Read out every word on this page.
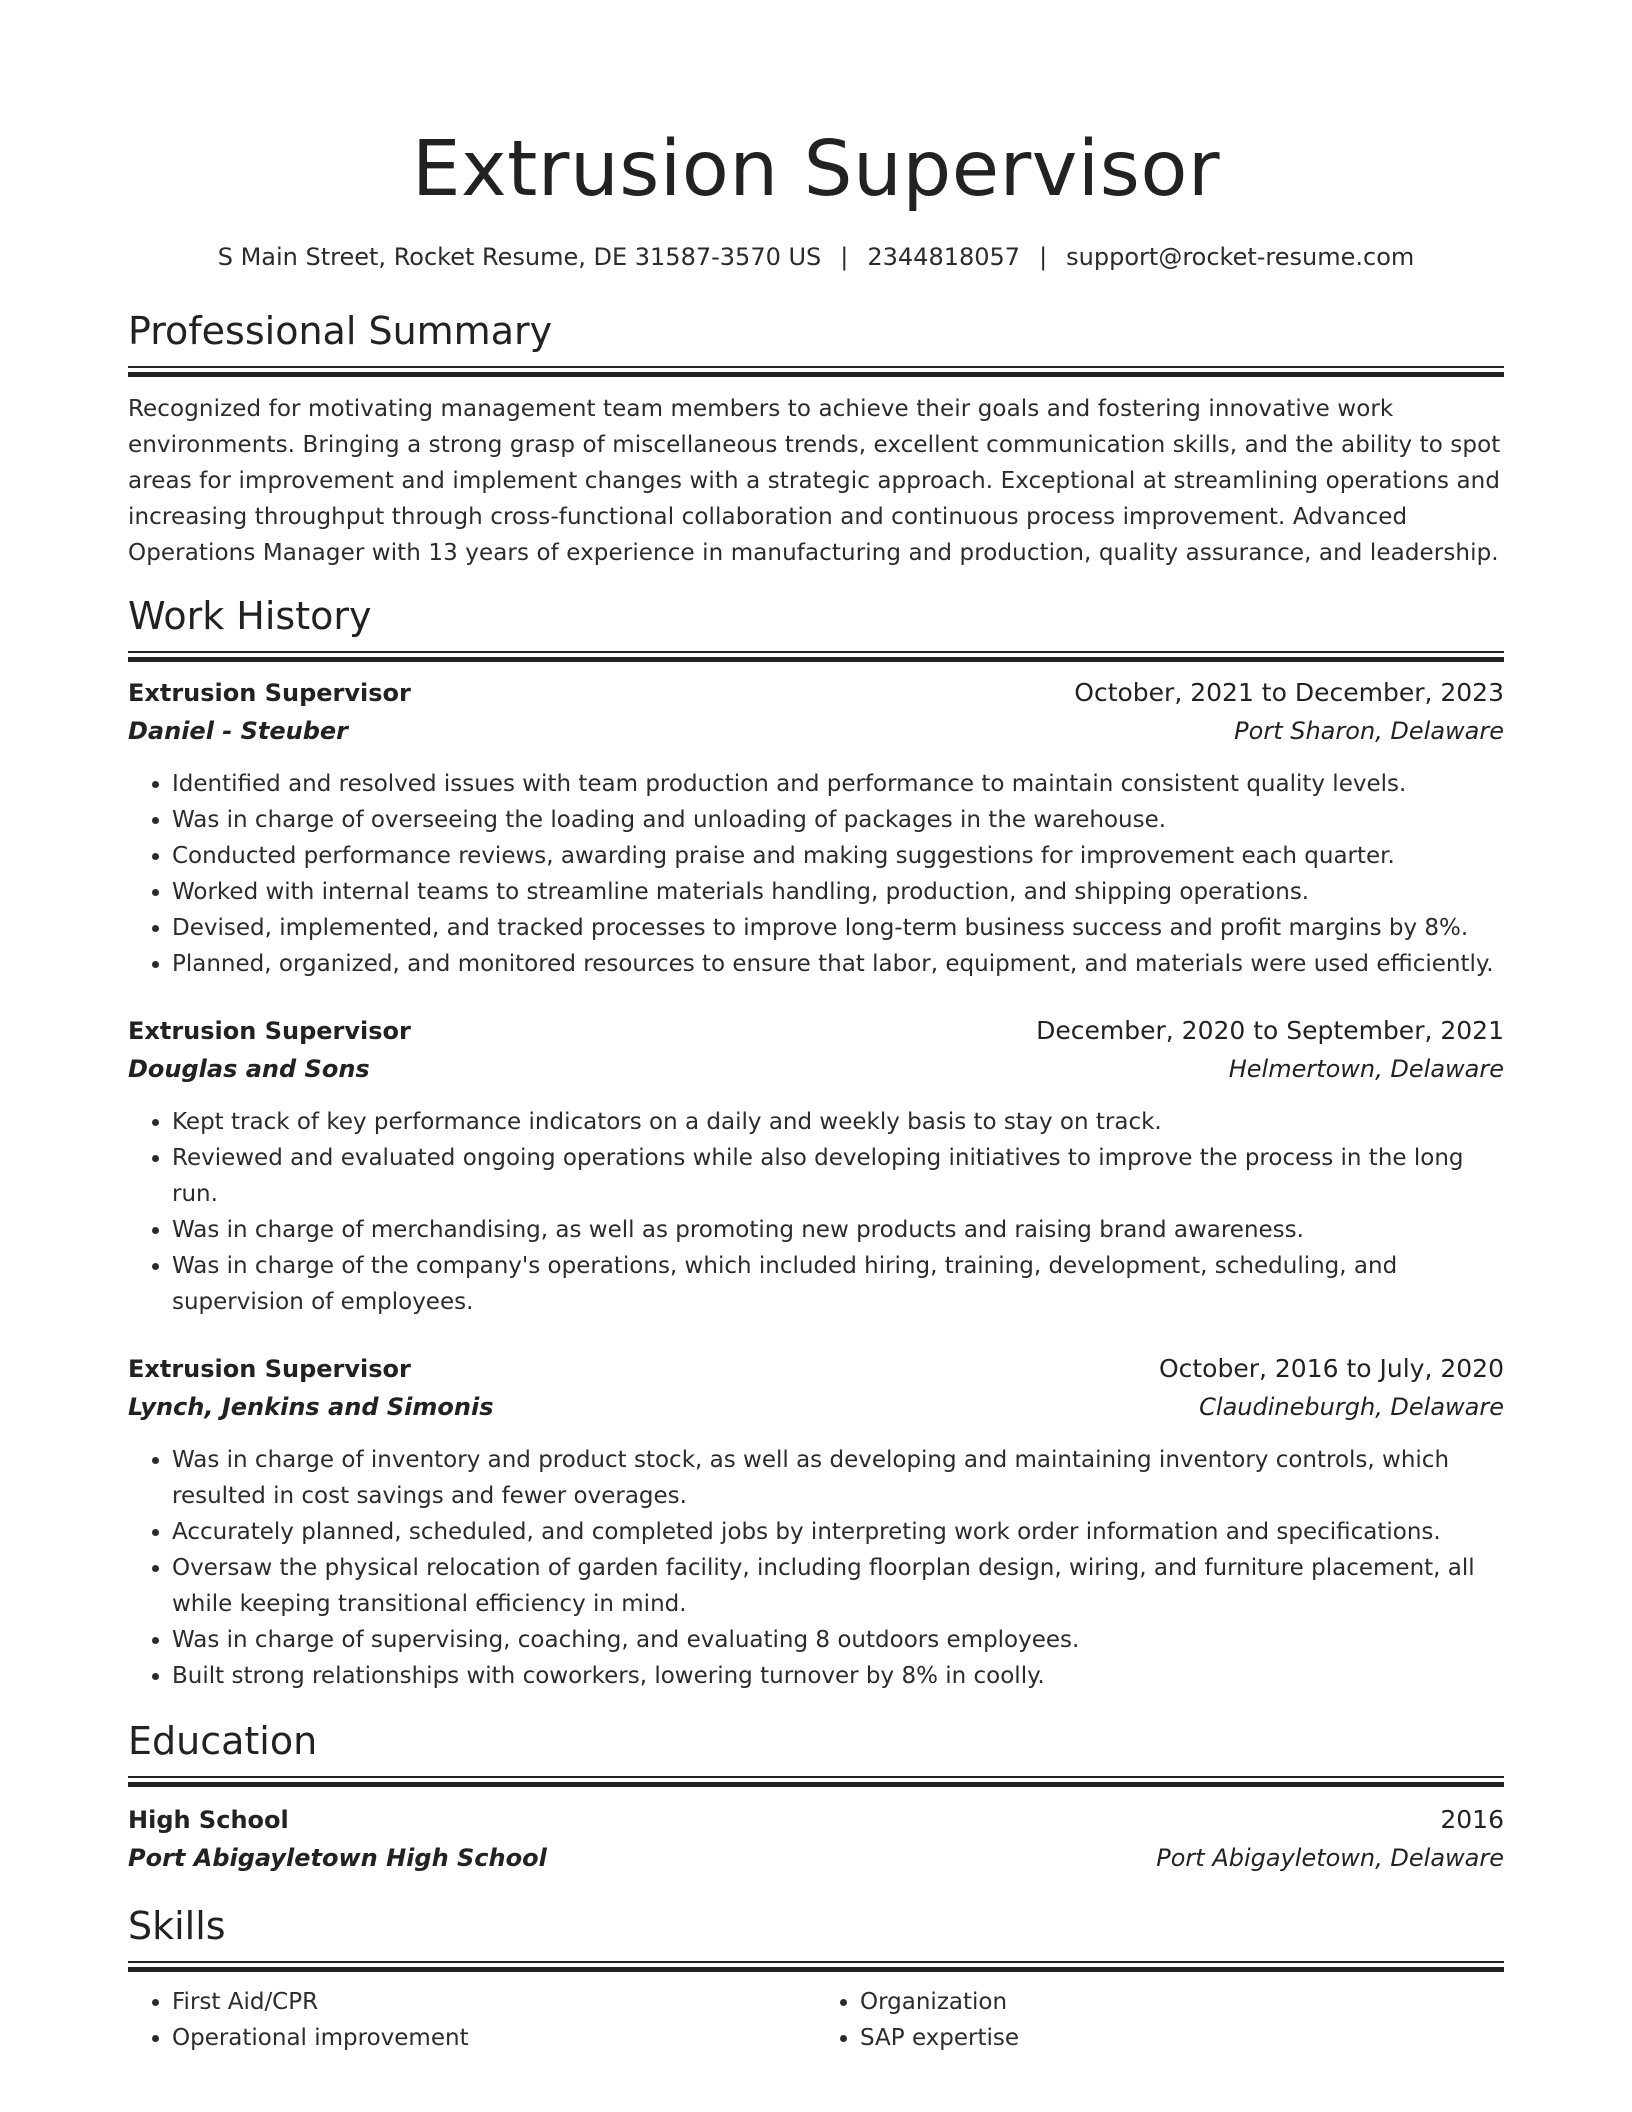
Extrusion Supervisor
S Main Street, Rocket Resume, DE 31587-3570 US | 2344818057 | support@rocket-resume.com
Professional Summary

Recognized for motivating management team members to achieve their goals and fostering innovative work environments. Bringing a strong grasp of miscellaneous trends, excellent communication skills, and the ability to spot areas for improvement and implement changes with a strategic approach. Exceptional at streamlining operations and increasing throughput through cross-functional collaboration and continuous process improvement. Advanced Operations Manager with 13 years of experience in manufacturing and production, quality assurance, and leadership.

Work History
Extrusion Supervisor	October, 2021 to December, 2023
Daniel - Steuber	Port Sharon, Delaware
• Identified and resolved issues with team production and performance to maintain consistent quality levels.
• Was in charge of overseeing the loading and unloading of packages in the warehouse.
• Conducted performance reviews, awarding praise and making suggestions for improvement each quarter.
• Worked with internal teams to streamline materials handling, production, and shipping operations.
• Devised, implemented, and tracked processes to improve long-term business success and profit margins by 8%.
• Planned, organized, and monitored resources to ensure that labor, equipment, and materials were used efficiently.
Extrusion Supervisor	December, 2020 to September, 2021
Douglas and Sons	Helmertown, Delaware
• Kept track of key performance indicators on a daily and weekly basis to stay on track.
• Reviewed and evaluated ongoing operations while also developing initiatives to improve the process in the long run.
• Was in charge of merchandising, as well as promoting new products and raising brand awareness.
• Was in charge of the company's operations, which included hiring, training, development, scheduling, and supervision of employees.
Extrusion Supervisor	October, 2016 to July, 2020
Lynch, Jenkins and Simonis	Claudineburgh, Delaware
• Was in charge of inventory and product stock, as well as developing and maintaining inventory controls, which resulted in cost savings and fewer overages.
• Accurately planned, scheduled, and completed jobs by interpreting work order information and specifications.
• Oversaw the physical relocation of garden facility, including floorplan design, wiring, and furniture placement, all while keeping transitional efficiency in mind.
• Was in charge of supervising, coaching, and evaluating 8 outdoors employees.
• Built strong relationships with coworkers, lowering turnover by 8% in coolly.
Education
High School	2016
Port Abigayletown High School	Port Abigayletown, Delaware
Skills
• First Aid/CPR
• Operational improvement
• Organization
• SAP expertise
